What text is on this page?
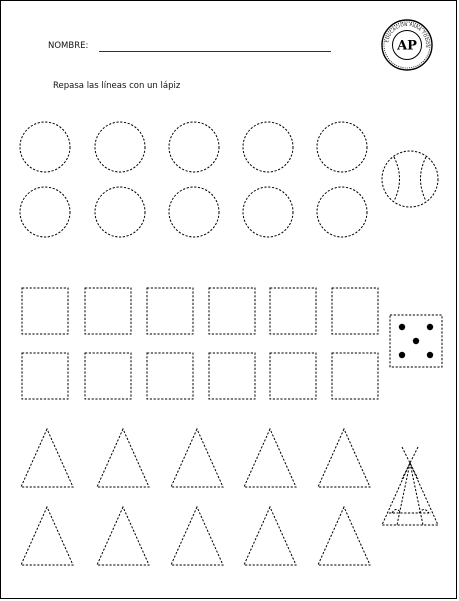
NOMBRE:
Repasa las líneas con un lápiz
EDUCACIÓN PARA TODOS
AP
